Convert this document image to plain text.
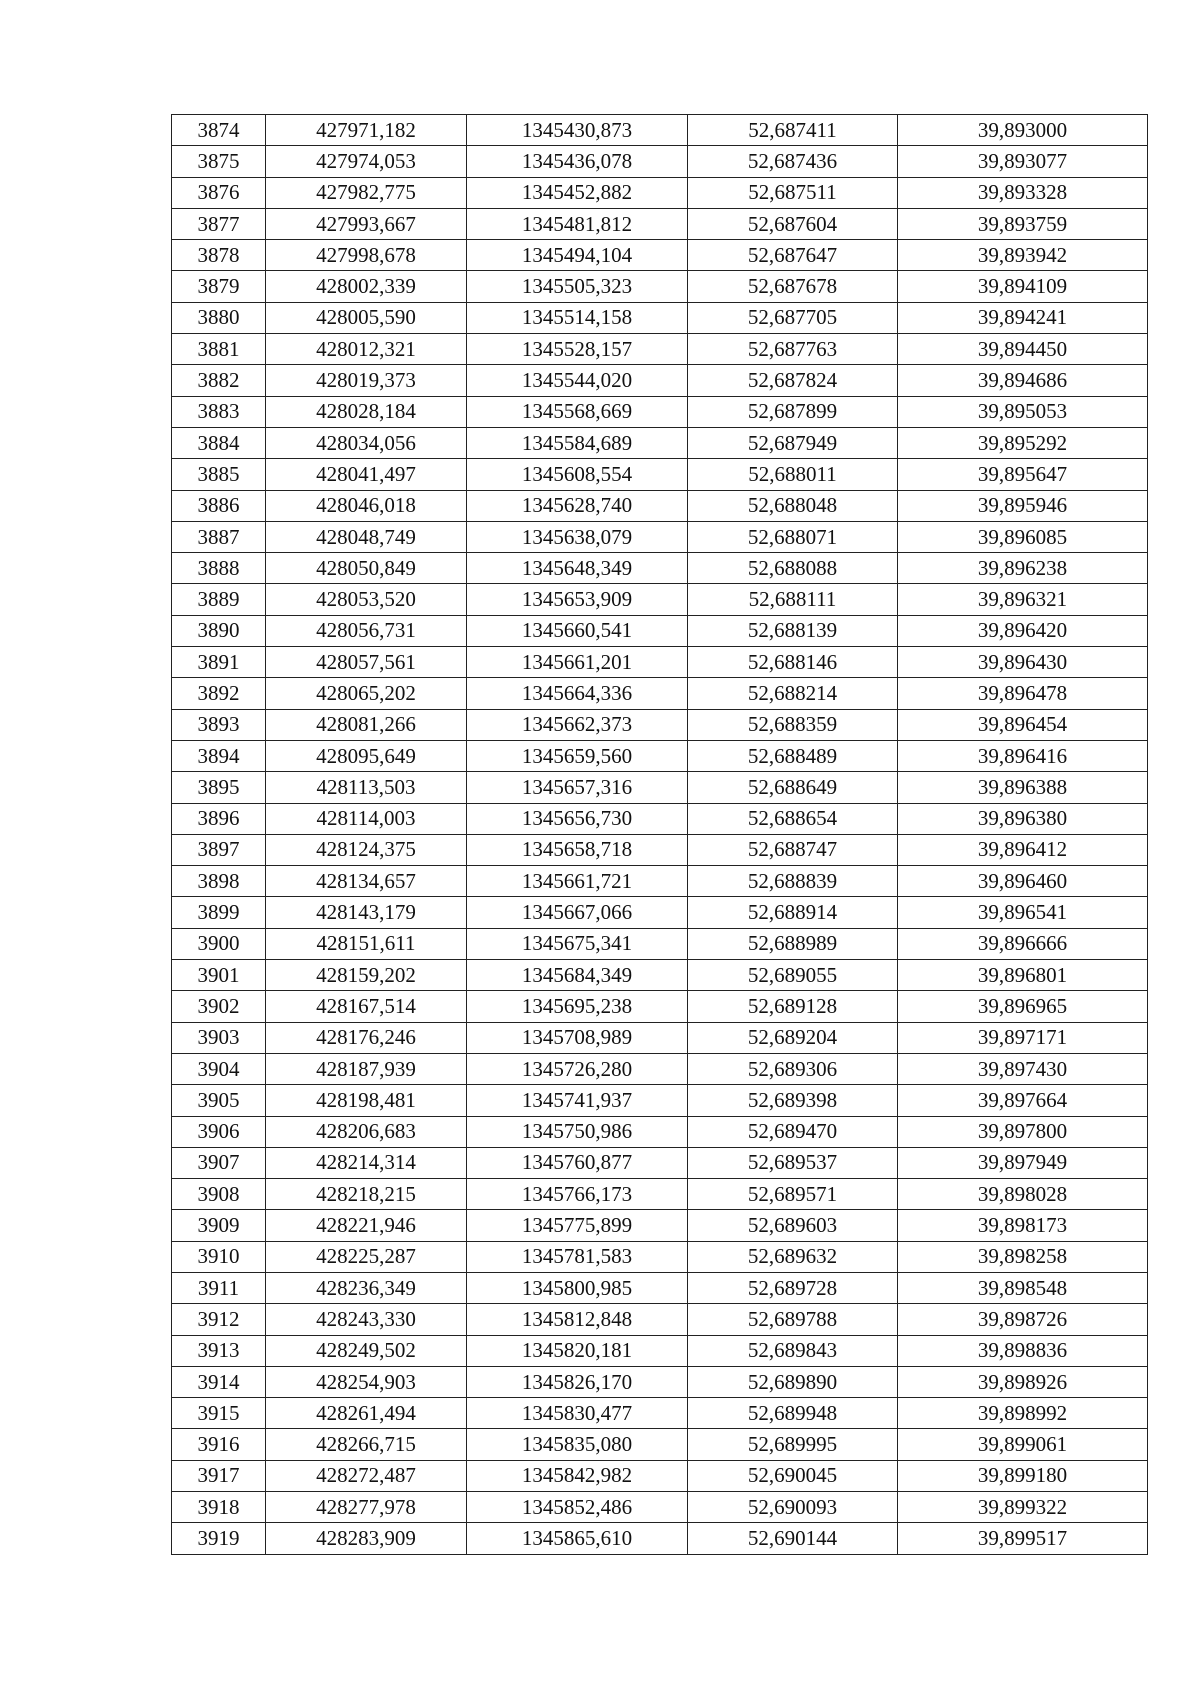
3874	427971,182	1345430,873	52,687411	39,893000
3875	427974,053	1345436,078	52,687436	39,893077
3876	427982,775	1345452,882	52,687511	39,893328
3877	427993,667	1345481,812	52,687604	39,893759
3878	427998,678	1345494,104	52,687647	39,893942
3879	428002,339	1345505,323	52,687678	39,894109
3880	428005,590	1345514,158	52,687705	39,894241
3881	428012,321	1345528,157	52,687763	39,894450
3882	428019,373	1345544,020	52,687824	39,894686
3883	428028,184	1345568,669	52,687899	39,895053
3884	428034,056	1345584,689	52,687949	39,895292
3885	428041,497	1345608,554	52,688011	39,895647
3886	428046,018	1345628,740	52,688048	39,895946
3887	428048,749	1345638,079	52,688071	39,896085
3888	428050,849	1345648,349	52,688088	39,896238
3889	428053,520	1345653,909	52,688111	39,896321
3890	428056,731	1345660,541	52,688139	39,896420
3891	428057,561	1345661,201	52,688146	39,896430
3892	428065,202	1345664,336	52,688214	39,896478
3893	428081,266	1345662,373	52,688359	39,896454
3894	428095,649	1345659,560	52,688489	39,896416
3895	428113,503	1345657,316	52,688649	39,896388
3896	428114,003	1345656,730	52,688654	39,896380
3897	428124,375	1345658,718	52,688747	39,896412
3898	428134,657	1345661,721	52,688839	39,896460
3899	428143,179	1345667,066	52,688914	39,896541
3900	428151,611	1345675,341	52,688989	39,896666
3901	428159,202	1345684,349	52,689055	39,896801
3902	428167,514	1345695,238	52,689128	39,896965
3903	428176,246	1345708,989	52,689204	39,897171
3904	428187,939	1345726,280	52,689306	39,897430
3905	428198,481	1345741,937	52,689398	39,897664
3906	428206,683	1345750,986	52,689470	39,897800
3907	428214,314	1345760,877	52,689537	39,897949
3908	428218,215	1345766,173	52,689571	39,898028
3909	428221,946	1345775,899	52,689603	39,898173
3910	428225,287	1345781,583	52,689632	39,898258
3911	428236,349	1345800,985	52,689728	39,898548
3912	428243,330	1345812,848	52,689788	39,898726
3913	428249,502	1345820,181	52,689843	39,898836
3914	428254,903	1345826,170	52,689890	39,898926
3915	428261,494	1345830,477	52,689948	39,898992
3916	428266,715	1345835,080	52,689995	39,899061
3917	428272,487	1345842,982	52,690045	39,899180
3918	428277,978	1345852,486	52,690093	39,899322
3919	428283,909	1345865,610	52,690144	39,899517
